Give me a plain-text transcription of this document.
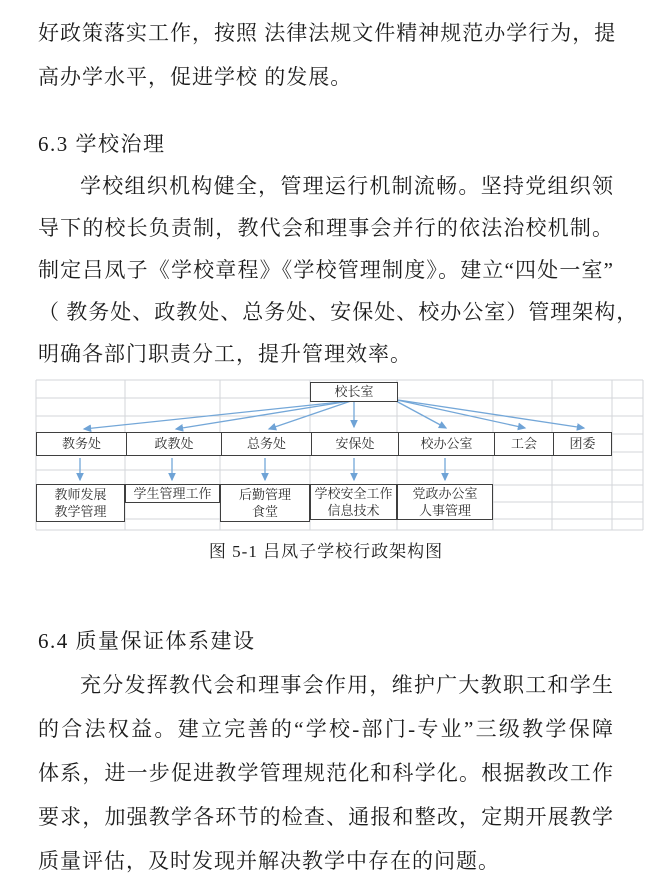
好政策落实工作，按照 法律法规文件精神规范办学行为，提
高办学水平，促进学校 的发展。
6.3 学校治理
学校组织机构健全，管理运行机制流畅。坚持党组织领
导下的校长负责制，教代会和理事会并行的依法治校机制。
制定吕凤子《学校章程》《学校管理制度》。建立“四处一室”
（ 教务处、政教处、总务处、安保处、校办公室）管理架构，
明确各部门职责分工，提升管理效率。
校长室
教务处	政教处	总务处	安保处	校办公室	工会	团委
教师发展
教学管理
学生管理工作	后勤管理
食堂
学校安全工作
信息技术
党政办公室
人事管理
图 5-1 吕凤子学校行政架构图
6.4 质量保证体系建设
充分发挥教代会和理事会作用，维护广大教职工和学生
的合法权益。建立完善的“学校-部门-专业”三级教学保障
体系，进一步促进教学管理规范化和科学化。根据教改工作
要求，加强教学各环节的检查、通报和整改，定期开展教学
质量评估，及时发现并解决教学中存在的问题。
